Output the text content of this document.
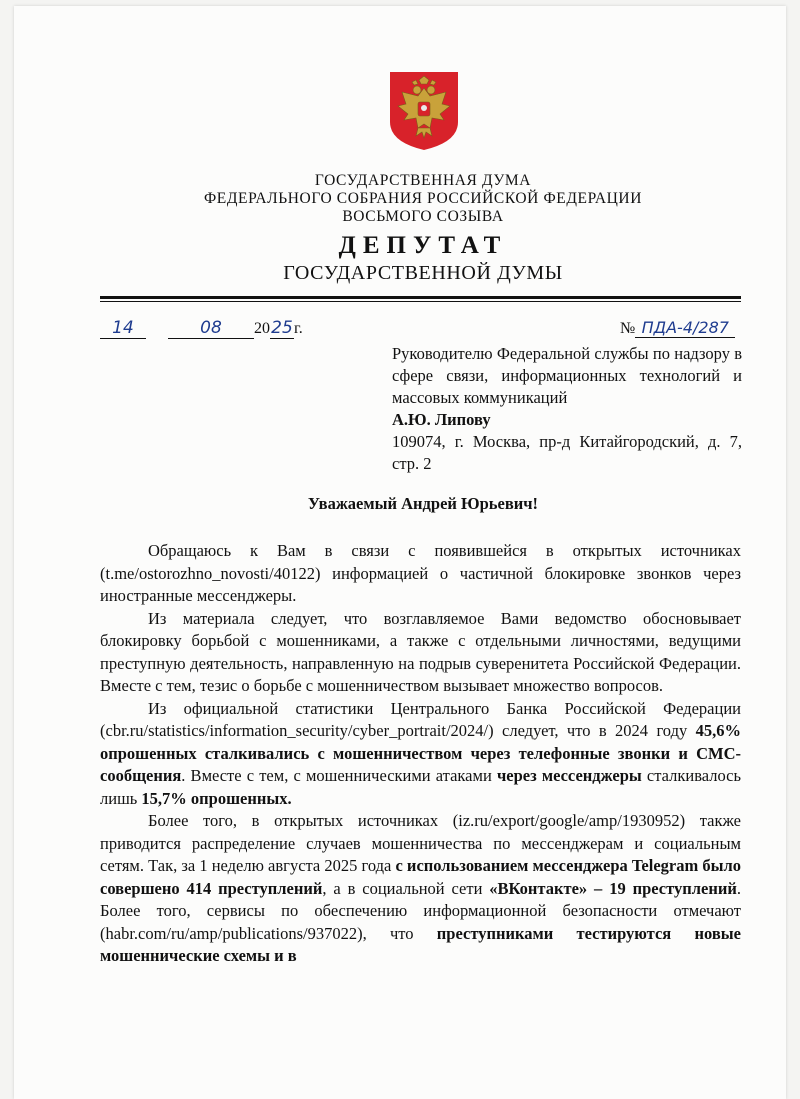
ГОСУДАРСТВЕННАЯ ДУМА
ФЕДЕРАЛЬНОГО СОБРАНИЯ РОССИЙСКОЙ ФЕДЕРАЦИИ
ВОСЬМОГО СОЗЫВА
ДЕПУТАТ
ГОСУДАРСТВЕННОЙ ДУМЫ
14	08 2025г.	№ ПДА-4/287

Руководителю Федеральной службы по надзору в сфере связи, информационных технологий и массовых коммуникаций

А.Ю. Липову

109074, г. Москва, пр-д Китайгородский, д. 7, стр. 2

Уважаемый Андрей Юрьевич!

Обращаюсь к Вам в связи с появившейся в открытых источниках (t.me/ostorozhno_novosti/40122) информацией о частичной блокировке звонков через иностранные мессенджеры.

Из материала следует, что возглавляемое Вами ведомство обосновывает блокировку борьбой с мошенниками, а также с отдельными личностями, ведущими преступную деятельность, направленную на подрыв суверенитета Российской Федерации. Вместе с тем, тезис о борьбе с мошенничеством вызывает множество вопросов.

Из официальной статистики Центрального Банка Российской Федерации (cbr.ru/statistics/information_security/cyber_portrait/2024/) следует, что в 2024 году 45,6% опрошенных сталкивались с мошенничеством через телефонные звонки и СМС-сообщения. Вместе с тем, с мошенническими атаками через мессенджеры сталкивалось лишь 15,7% опрошенных.

Более того, в открытых источниках (iz.ru/export/google/amp/1930952) также приводится распределение случаев мошенничества по мессенджерам и социальным сетям. Так, за 1 неделю августа 2025 года с использованием мессенджера Telegram было совершено 414 преступлений, а в социальной сети «ВКонтакте» – 19 преступлений. Более того, сервисы по обеспечению информационной безопасности отмечают (habr.com/ru/amp/publications/937022), что преступниками тестируются новые мошеннические схемы и в
